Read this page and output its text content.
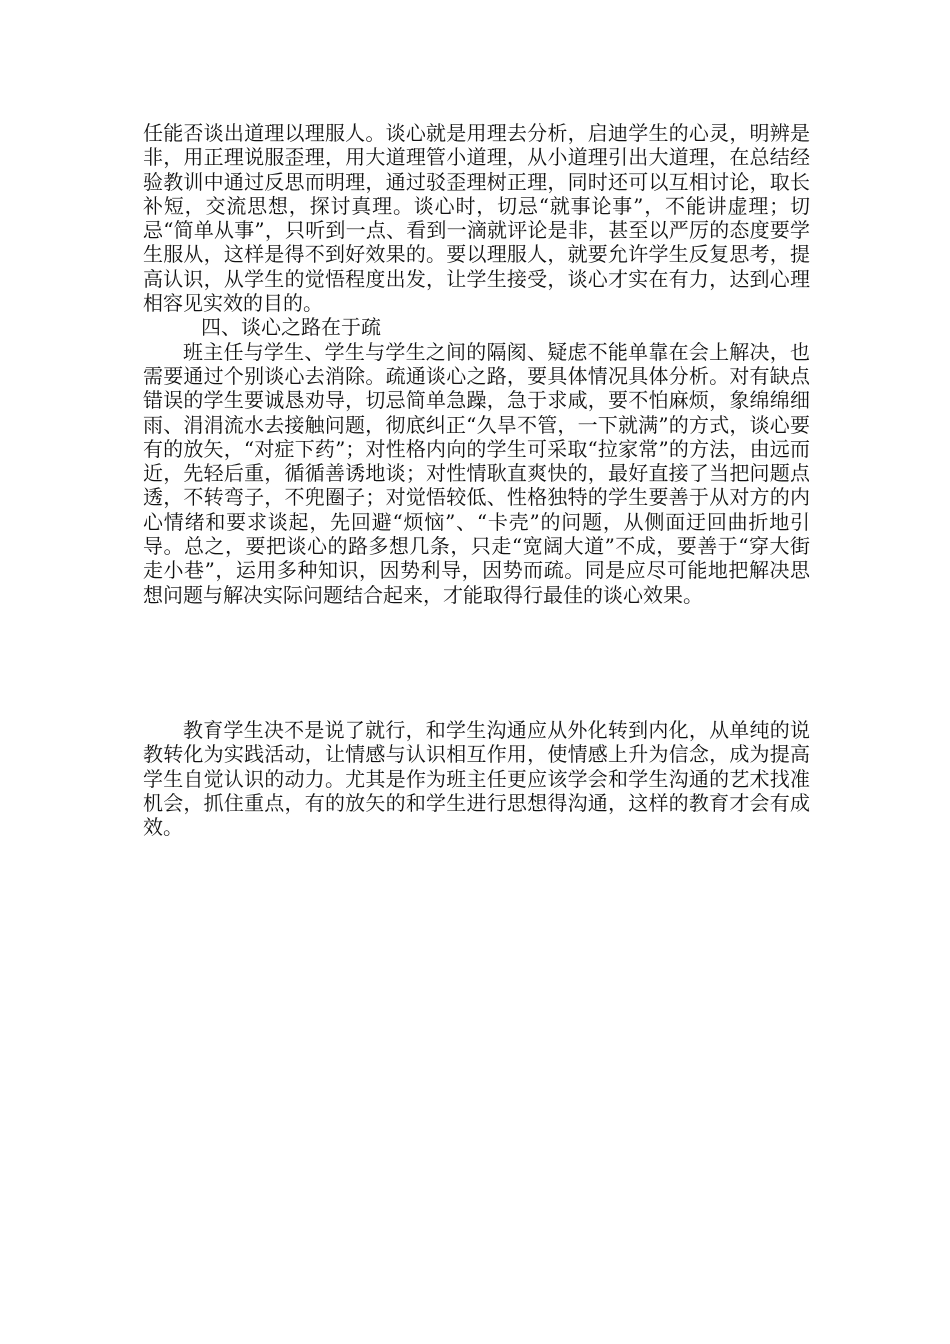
任能否谈出道理以理服人。谈心就是用理去分析，启迪学生的心灵，明辨是非，用正理说服歪理，用大道理管小道理，从小道理引出大道理，在总结经验教训中通过反思而明理，通过驳歪理树正理，同时还可以互相讨论，取长补短，交流思想，探讨真理。谈心时，切忌“就事论事”，不能讲虚理；切忌“简单从事”，只听到一点、看到一滴就评论是非，甚至以严厉的态度要学生服从，这样是得不到好效果的。要以理服人，就要允许学生反复思考，提高认识，从学生的觉悟程度出发，让学生接受，谈心才实在有力，达到心理相容见实效的目的。

四、谈心之路在于疏

班主任与学生、学生与学生之间的隔阂、疑虑不能单靠在会上解决，也需要通过个别谈心去消除。疏通谈心之路，要具体情况具体分析。对有缺点错误的学生要诚恳劝导，切忌简单急躁，急于求咸，要不怕麻烦，象绵绵细雨、涓涓流水去接触问题，彻底纠正“久旱不管，一下就满”的方式，谈心要有的放矢，“对症下药”；对性格内向的学生可采取“拉家常”的方法，由远而近，先轻后重，循循善诱地谈；对性情耿直爽快的，最好直接了当把问题点透，不转弯子，不兜圈子；对觉悟较低、性格独特的学生要善于从对方的内心情绪和要求谈起，先回避“烦恼”、“卡壳”的问题，从侧面迂回曲折地引导。总之，要把谈心的路多想几条，只走“宽阔大道”不成，要善于“穿大街走小巷”，运用多种知识，因势利导，因势而疏。同是应尽可能地把解决思想问题与解决实际问题结合起来，才能取得行最佳的谈心效果。

教育学生决不是说了就行，和学生沟通应从外化转到内化，从单纯的说教转化为实践活动，让情感与认识相互作用，使情感上升为信念，成为提高学生自觉认识的动力。尤其是作为班主任更应该学会和学生沟通的艺术找准机会，抓住重点，有的放矢的和学生进行思想得沟通，这样的教育才会有成效。
